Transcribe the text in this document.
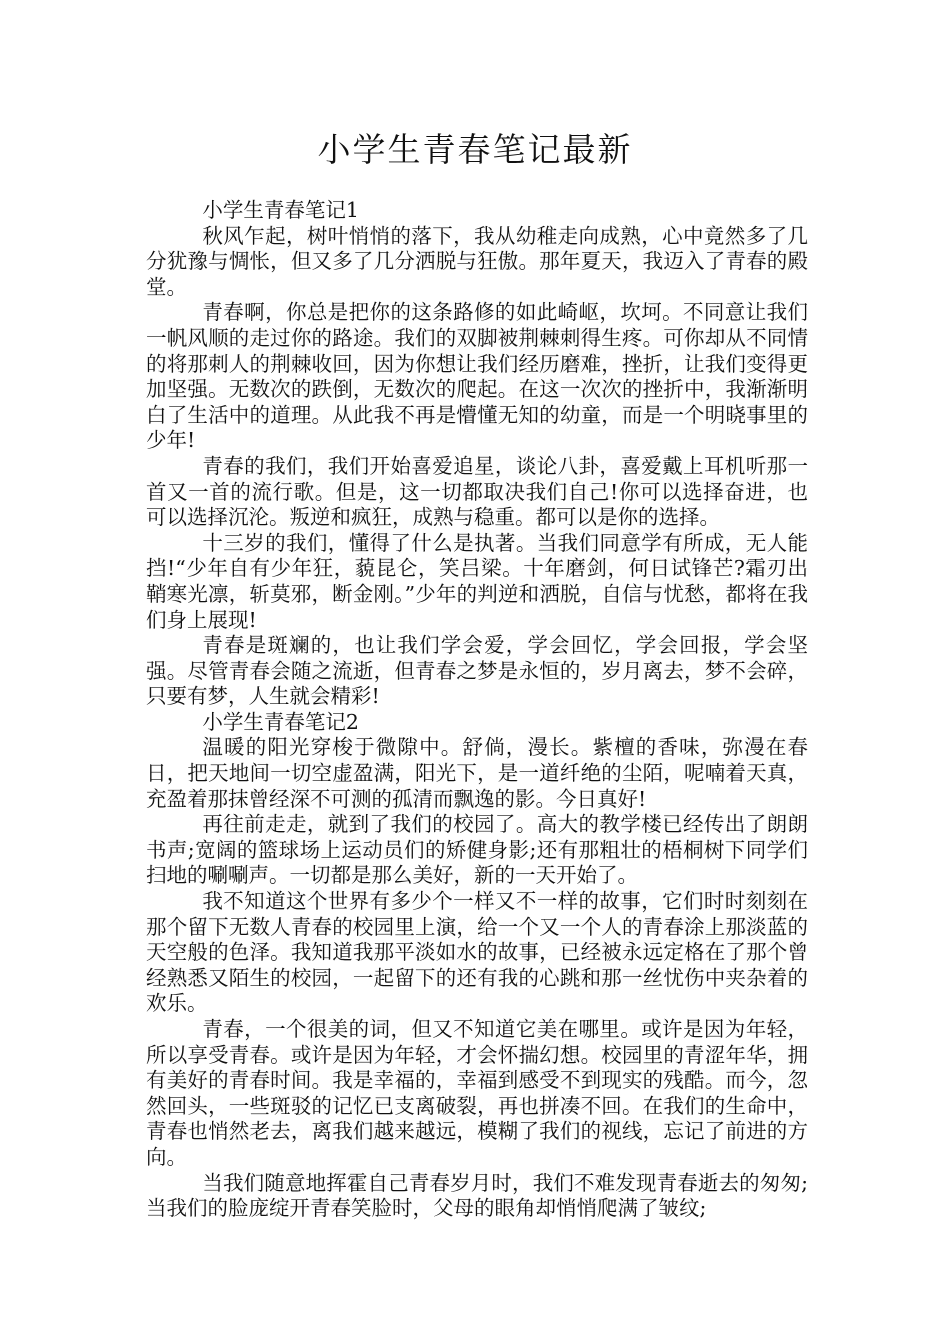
小学生青春笔记最新

小学生青春笔记1

秋风乍起，树叶悄悄的落下，我从幼稚走向成熟，心中竟然多了几分犹豫与惆怅，但又多了几分洒脱与狂傲。那年夏天，我迈入了青春的殿堂。

青春啊，你总是把你的这条路修的如此崎岖，坎坷。不同意让我们一帆风顺的走过你的路途。我们的双脚被荆棘刺得生疼。可你却从不同情的将那刺人的荆棘收回，因为你想让我们经历磨难，挫折，让我们变得更加坚强。无数次的跌倒，无数次的爬起。在这一次次的挫折中，我渐渐明白了生活中的道理。从此我不再是懵懂无知的幼童，而是一个明晓事里的少年!

青春的我们，我们开始喜爱追星，谈论八卦，喜爱戴上耳机听那一首又一首的流行歌。但是，这一切都取决我们自己!你可以选择奋进，也可以选择沉沦。叛逆和疯狂，成熟与稳重。都可以是你的选择。

十三岁的我们，懂得了什么是执著。当我们同意学有所成，无人能挡!“少年自有少年狂，藐昆仑，笑吕梁。十年磨剑，何日试锋芒?霜刃出鞘寒光凛，斩莫邪，断金刚。”少年的判逆和洒脱，自信与忧愁，都将在我们身上展现!

青春是斑斓的，也让我们学会爱，学会回忆，学会回报，学会坚强。尽管青春会随之流逝，但青春之梦是永恒的，岁月离去，梦不会碎，只要有梦，人生就会精彩!

小学生青春笔记2

温暖的阳光穿梭于微隙中。舒倘，漫长。紫檀的香味，弥漫在春日，把天地间一切空虚盈满，阳光下，是一道纤绝的尘陌，呢喃着天真，充盈着那抹曾经深不可测的孤清而飘逸的影。今日真好!

再往前走走，就到了我们的校园了。高大的教学楼已经传出了朗朗书声;宽阔的篮球场上运动员们的矫健身影;还有那粗壮的梧桐树下同学们扫地的唰唰声。一切都是那么美好，新的一天开始了。

我不知道这个世界有多少个一样又不一样的故事，它们时时刻刻在那个留下无数人青春的校园里上演，给一个又一个人的青春涂上那淡蓝的天空般的色泽。我知道我那平淡如水的故事，已经被永远定格在了那个曾经熟悉又陌生的校园，一起留下的还有我的心跳和那一丝忧伤中夹杂着的欢乐。

青春，一个很美的词，但又不知道它美在哪里。或许是因为年轻，所以享受青春。或许是因为年轻，才会怀揣幻想。校园里的青涩年华，拥有美好的青春时间。我是幸福的，幸福到感受不到现实的残酷。而今，忽然回头，一些斑驳的记忆已支离破裂，再也拼凑不回。在我们的生命中，青春也悄然老去，离我们越来越远，模糊了我们的视线，忘记了前进的方向。

当我们随意地挥霍自己青春岁月时，我们不难发现青春逝去的匆匆;当我们的脸庞绽开青春笑脸时，父母的眼角却悄悄爬满了皱纹;
